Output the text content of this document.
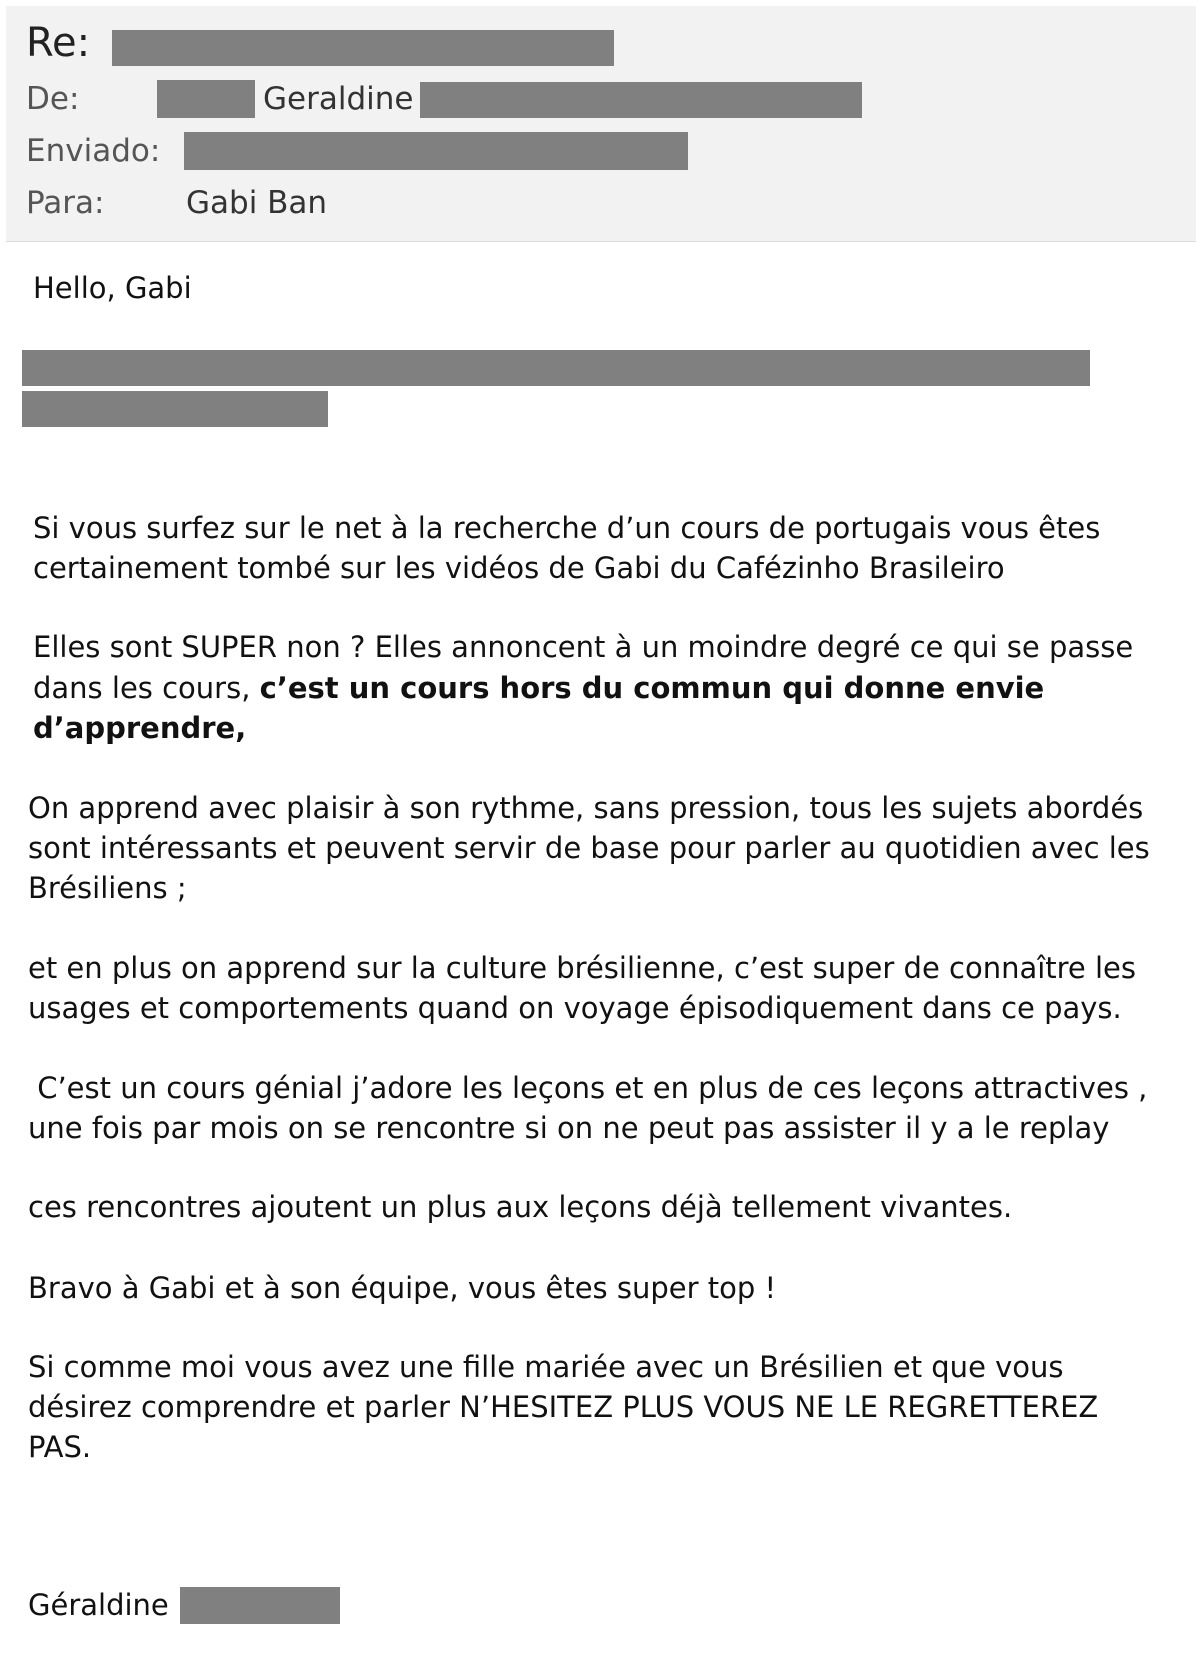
Re:
De:	Geraldine
Enviado:
Para:	Gabi Ban
Hello, Gabi
Si vous surfez sur le net à la recherche d’un cours de portugais vous êtes
certainement tombé sur les vidéos de Gabi du Cafézinho Brasileiro
Elles sont SUPER non ? Elles annoncent à un moindre degré ce qui se passe
dans les cours, c’est un cours hors du commun qui donne envie
d’apprendre,
On apprend avec plaisir à son rythme, sans pression, tous les sujets abordés
sont intéressants et peuvent servir de base pour parler au quotidien avec les
Brésiliens ;
et en plus on apprend sur la culture brésilienne, c’est super de connaître les
usages et comportements quand on voyage épisodiquement dans ce pays.
C’est un cours génial j’adore les leçons et en plus de ces leçons attractives ,
une fois par mois on se rencontre si on ne peut pas assister il y a le replay
ces rencontres ajoutent un plus aux leçons déjà tellement vivantes.
Bravo à Gabi et à son équipe, vous êtes super top !
Si comme moi vous avez une fille mariée avec un Brésilien et que vous
désirez comprendre et parler N’HESITEZ PLUS VOUS NE LE REGRETTEREZ
PAS.
Géraldine
